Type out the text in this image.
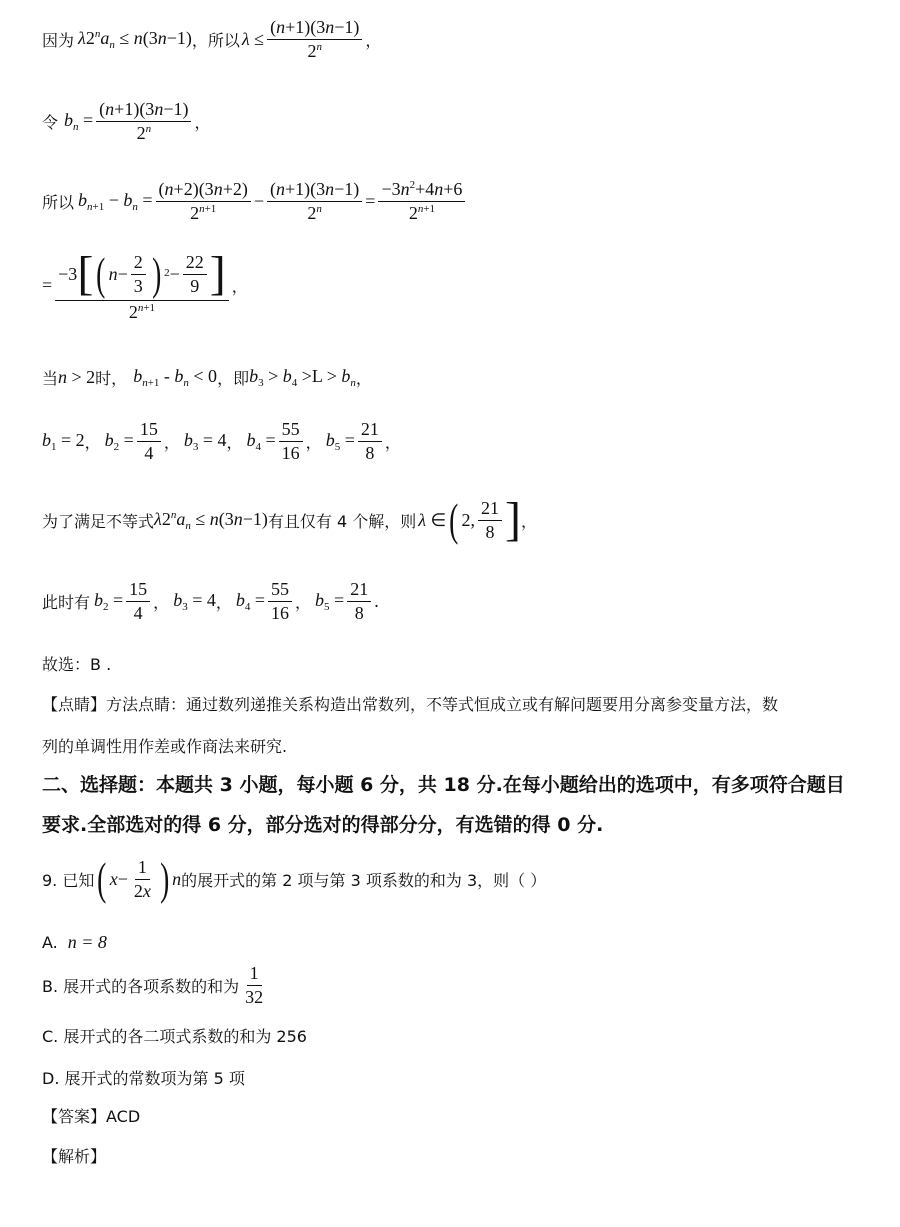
因为 $\lambda 2^na_n \le n(3n-1)$ ，所以 $\lambda \le \frac{(n+1)(3n-1)}{2^n}$ ，
令 $b_n = \frac{(n+1)(3n-1)}{2^n}$ ，
所以 $b_{n+1} - b_n = \frac{(n+2)(3n+2)}{2^{n+1}} - \frac{(n+1)(3n-1)}{2^n} = \frac{-3n^2+4n+6}{2^{n+1}}$
= $\frac{-3 [ ( n - \frac{2}{3} ) 2 - \frac{22}{9} ]}{2^{n+1}}$ ，
当 n > 2 时， $b_{n+1} - b_n < 0$ ，即 $b_3 > b_4 >L > b_n$ ，
$b_1 = 2$ ， $b_2 = \frac{15}{4}$ ， $b_3 = 4$ ， $b_4 = \frac{55}{16}$ ， $b_5 = \frac{21}{8}$ ，
为了满足不等式 $\lambda 2^na_n \le n(3n-1)$ 有且仅有 4 个解，则 λ ∈ ( 2, $\frac{21}{8}$ ] ，
此时有 $b_2 = \frac{15}{4}$ ， $b_3 = 4$ ， $b_4 = \frac{55}{16}$ ， $b_5 = \frac{21}{8}$ .
故选：B .
【点睛】方法点睛：通过数列递推关系构造出常数列，不等式恒成立或有解问题要用分离参变量方法，数
列的单调性用作差或作商法来研究.
二、选择题：本题共 3 小题，每小题 6 分，共 18 分.在每小题给出的选项中，有多项符合题目
要求.全部选对的得 6 分，部分选对的得部分分，有选错的得 0 分.
9. 已知 ( $x- \frac{1}{2x}$ ) n 的展开式的第 2 项与第 3 项系数的和为 3，则（ ）
A. n = 8
B. 展开式的各项系数的和为 $\frac{1}{32}$
C. 展开式的各二项式系数的和为 256
D. 展开式的常数项为第 5 项
【答案】ACD
【解析】
